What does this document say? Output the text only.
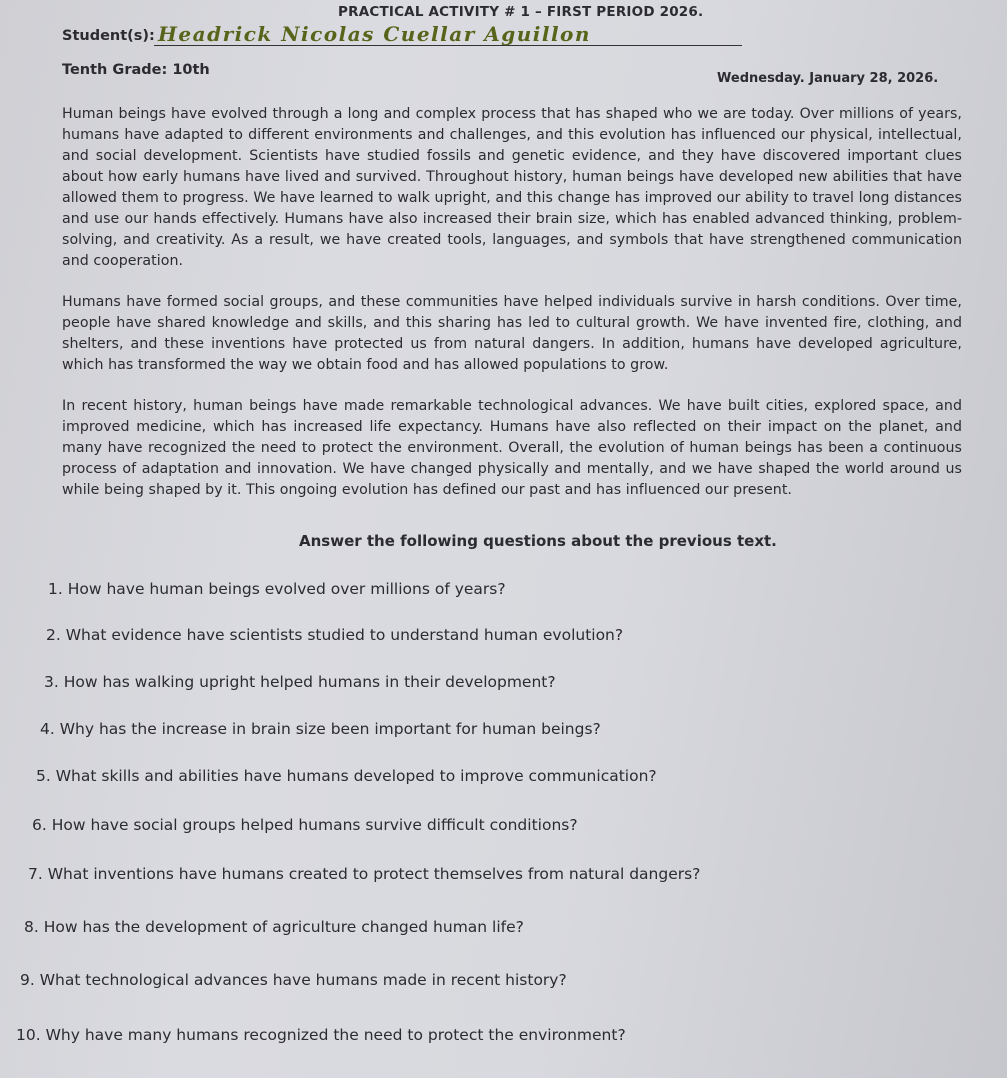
PRACTICAL ACTIVITY # 1 – FIRST PERIOD 2026.
Student(s): Headrick Nicolas Cuellar Aguillon
Tenth Grade: 10th
Wednesday. January 28, 2026.

Human beings have evolved through a long and complex process that has shaped who we are today. Over millions of years, humans have adapted to different environments and challenges, and this evolution has influenced our physical, intellectual, and social development. Scientists have studied fossils and genetic evidence, and they have discovered important clues about how early humans have lived and survived. Throughout history, human beings have developed new abilities that have allowed them to progress. We have learned to walk upright, and this change has improved our ability to travel long distances and use our hands effectively. Humans have also increased their brain size, which has enabled advanced thinking, problem-solving, and creativity. As a result, we have created tools, languages, and symbols that have strengthened communication and cooperation.

Humans have formed social groups, and these communities have helped individuals survive in harsh conditions. Over time, people have shared knowledge and skills, and this sharing has led to cultural growth. We have invented fire, clothing, and shelters, and these inventions have protected us from natural dangers. In addition, humans have developed agriculture, which has transformed the way we obtain food and has allowed populations to grow.

In recent history, human beings have made remarkable technological advances. We have built cities, explored space, and improved medicine, which has increased life expectancy. Humans have also reflected on their impact on the planet, and many have recognized the need to protect the environment. Overall, the evolution of human beings has been a continuous process of adaptation and innovation. We have changed physically and mentally, and we have shaped the world around us while being shaped by it. This ongoing evolution has defined our past and has influenced our present.

Answer the following questions about the previous text.
1. How have human beings evolved over millions of years?
2. What evidence have scientists studied to understand human evolution?
3. How has walking upright helped humans in their development?
4. Why has the increase in brain size been important for human beings?
5. What skills and abilities have humans developed to improve communication?
6. How have social groups helped humans survive difficult conditions?
7. What inventions have humans created to protect themselves from natural dangers?
8. How has the development of agriculture changed human life?
9. What technological advances have humans made in recent history?
10. Why have many humans recognized the need to protect the environment?
